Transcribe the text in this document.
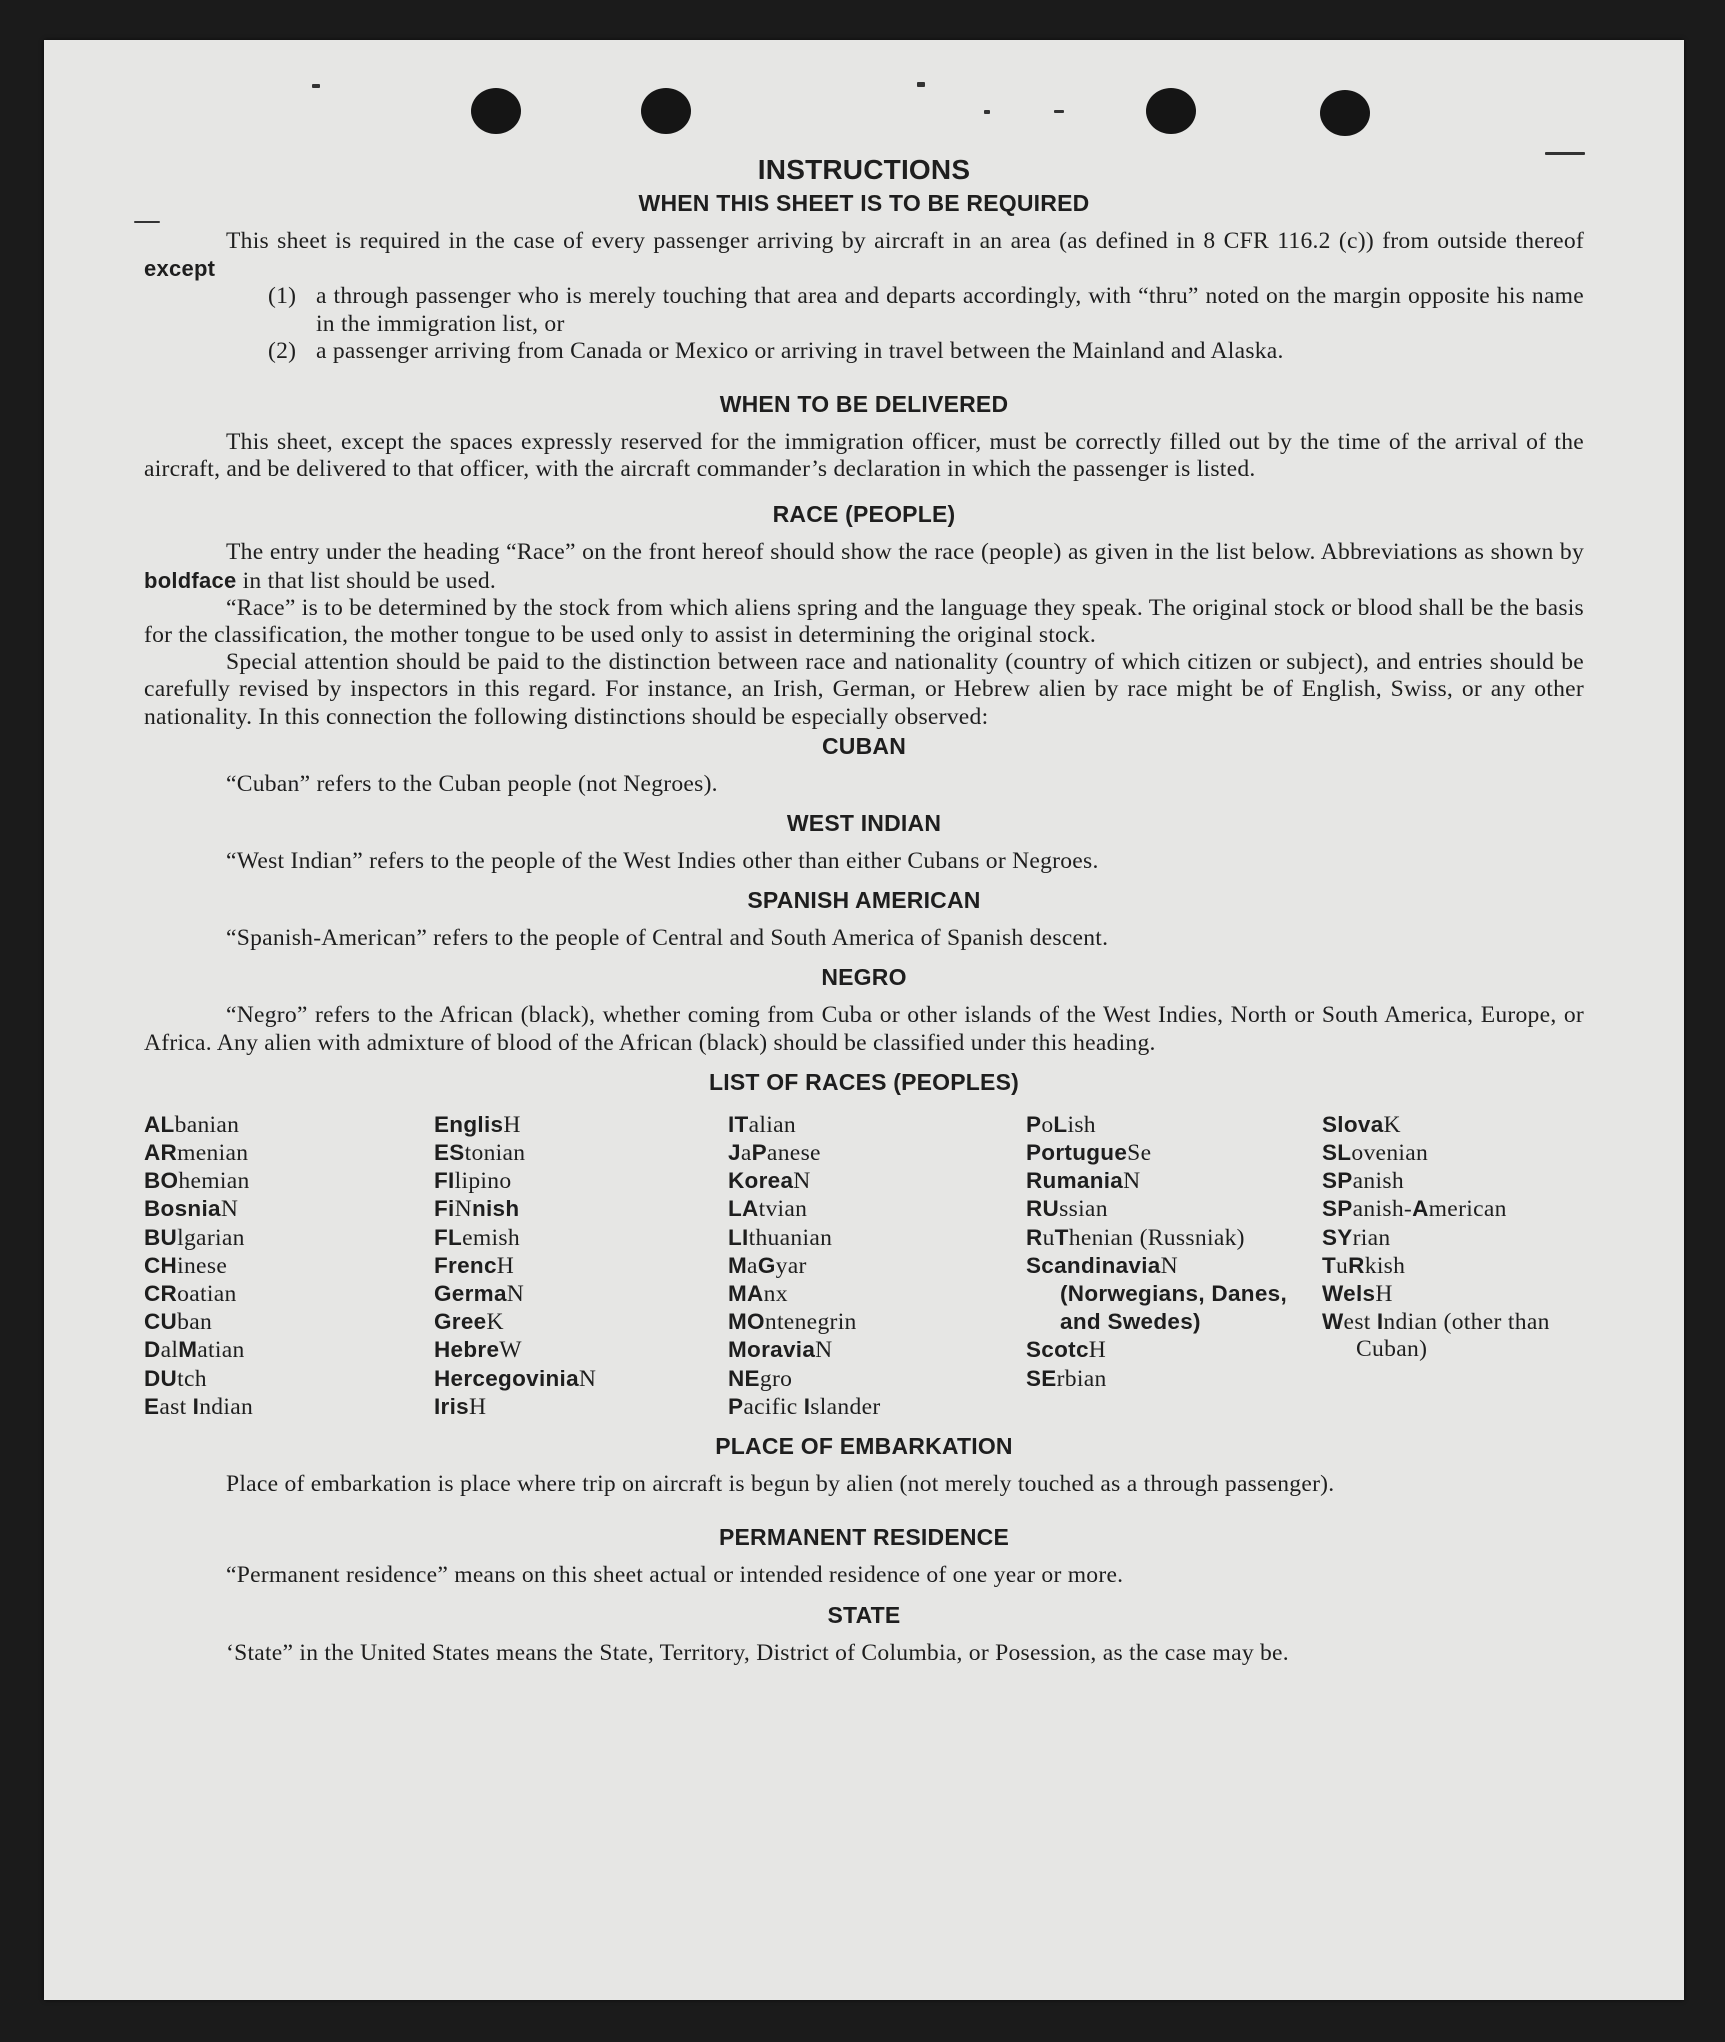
INSTRUCTIONS
WHEN THIS SHEET IS TO BE REQUIRED

This sheet is required in the case of every passenger arriving by aircraft in an area (as defined in 8 CFR 116.2 (c)) from outside thereof except

(1) a through passenger who is merely touching that area and departs accordingly, with “thru” noted on the margin opposite his name in the immigration list, or
(2) a passenger arriving from Canada or Mexico or arriving in travel between the Mainland and Alaska.
WHEN TO BE DELIVERED

This sheet, except the spaces expressly reserved for the immigration officer, must be correctly filled out by the time of the arrival of the aircraft, and be delivered to that officer, with the aircraft commander’s declaration in which the passenger is listed.

RACE (PEOPLE)

The entry under the heading “Race” on the front hereof should show the race (people) as given in the list below. Abbreviations as shown by boldface in that list should be used.

“Race” is to be determined by the stock from which aliens spring and the language they speak. The original stock or blood shall be the basis for the classification, the mother tongue to be used only to assist in determining the original stock.

Special attention should be paid to the distinction between race and nationality (country of which citizen or subject), and entries should be carefully revised by inspectors in this regard. For instance, an Irish, German, or Hebrew alien by race might be of English, Swiss, or any other nationality. In this connection the following distinctions should be especially observed:

CUBAN

“Cuban” refers to the Cuban people (not Negroes).

WEST INDIAN

“West Indian” refers to the people of the West Indies other than either Cubans or Negroes.

SPANISH AMERICAN

“Spanish-American” refers to the people of Central and South America of Spanish descent.

NEGRO

“Negro” refers to the African (black), whether coming from Cuba or other islands of the West Indies, North or South America, Europe, or Africa. Any alien with admixture of blood of the African (black) should be classified under this heading.

LIST OF RACES (PEOPLES)
ALbanian
ARmenian
BOhemian
BosniaN
BUlgarian
CHinese
CRoatian
CUban
DalMatian
DUtch
East Indian
EnglisH
EStonian
FIlipino
FiNnish
FLemish
FrencH
GermaN
GreeK
HebreW
HercegoviniaN
IrisH
ITalian
JaPanese
KoreaN
LAtvian
LIthuanian
MaGyar
MAnx
MOntenegrin
MoraviaN
NEgro
Pacific Islander
PoLish
PortugueSe
RumaniaN
RUssian
RuThenian (Russniak)
ScandinaviaN (Norwegians, Danes, and Swedes)
ScotcH
SErbian
SlovaK
SLovenian
SPanish
SPanish-American
SYrian
TuRkish
WelsH
West Indian (other than Cuban)
PLACE OF EMBARKATION

Place of embarkation is place where trip on aircraft is begun by alien (not merely touched as a through passenger).

PERMANENT RESIDENCE

“Permanent residence” means on this sheet actual or intended residence of one year or more.

STATE

‘State” in the United States means the State, Territory, District of Columbia, or Posession, as the case may be.
